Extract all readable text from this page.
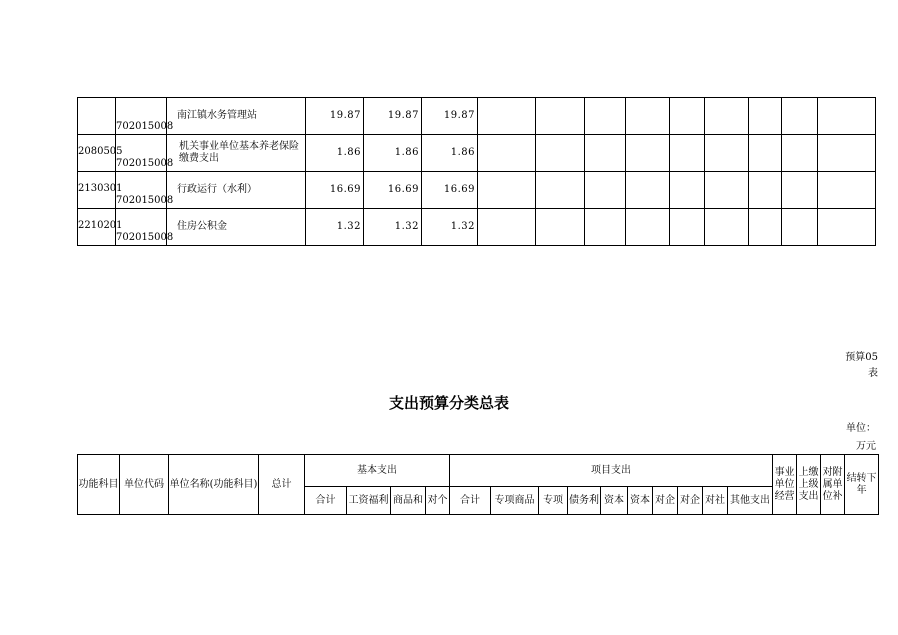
	702015008	南江镇水务管理站	19.87	19.87	19.87									
2080505	702015008	机关事业单位基本养老保险缴费支出	1.86	1.86	1.86									
2130301	702015008	行政运行（水利）	16.69	16.69	16.69									
2210201	702015008	住房公积金	1.32	1.32	1.32									
预算05
表
支出预算分类总表
单位：
万元
功能科目	单位代码	单位名称(功能科目)	总计	基本支出				项目支出										事业单位经营	上缴上级支出	对附属单位补	结转下年
				合计	工资福利	商品和	对个	合计	专项商品	专项	债务利	资本	资本	对企	对企	对社	其他支出				
